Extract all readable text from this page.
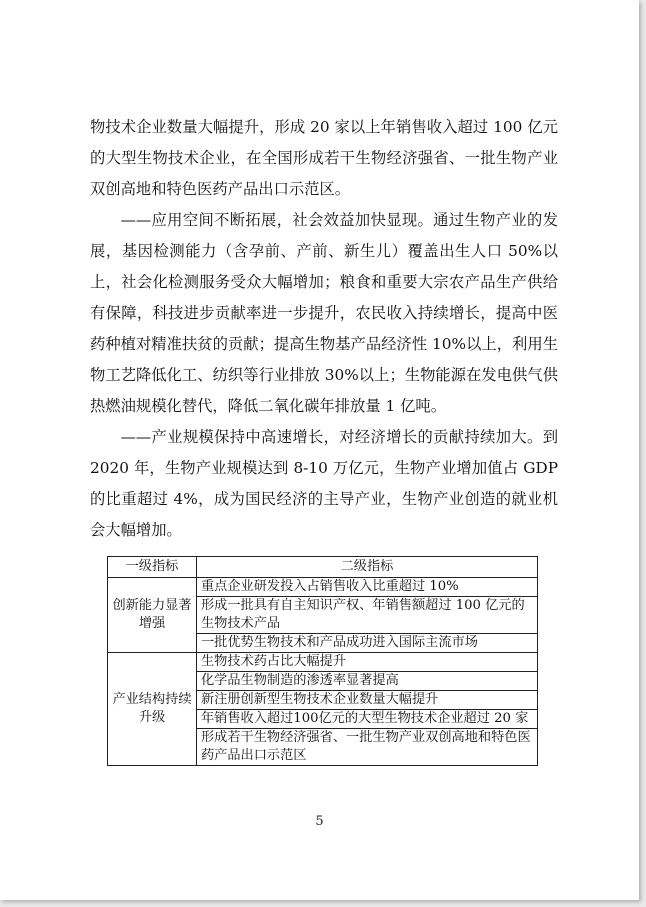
物技术企业数量大幅提升，形成 20 家以上年销售收入超过 100 亿元的大型生物技术企业，在全国形成若干生物经济强省、一批生物产业双创高地和特色医药产品出口示范区。

——应用空间不断拓展，社会效益加快显现。通过生物产业的发展，基因检测能力（含孕前、产前、新生儿）覆盖出生人口 50%以上，社会化检测服务受众大幅增加；粮食和重要大宗农产品生产供给有保障，科技进步贡献率进一步提升，农民收入持续增长，提高中医药种植对精准扶贫的贡献；提高生物基产品经济性 10%以上，利用生物工艺降低化工、纺织等行业排放 30%以上；生物能源在发电供气供热燃油规模化替代，降低二氧化碳年排放量 1 亿吨。

——产业规模保持中高速增长，对经济增长的贡献持续加大。到 2020 年，生物产业规模达到 8-10 万亿元，生物产业增加值占 GDP 的比重超过 4%，成为国民经济的主导产业，生物产业创造的就业机会大幅增加。

一级指标	二级指标
创新能力显著增强	重点企业研发投入占销售收入比重超过 10%
	形成一批具有自主知识产权、年销售额超过 100 亿元的生物技术产品
	一批优势生物技术和产品成功进入国际主流市场
产业结构持续升级	生物技术药占比大幅提升
	化学品生物制造的渗透率显著提高
	新注册创新型生物技术企业数量大幅提升
	年销售收入超过100亿元的大型生物技术企业超过 20 家
	形成若干生物经济强省、一批生物产业双创高地和特色医药产品出口示范区
5
